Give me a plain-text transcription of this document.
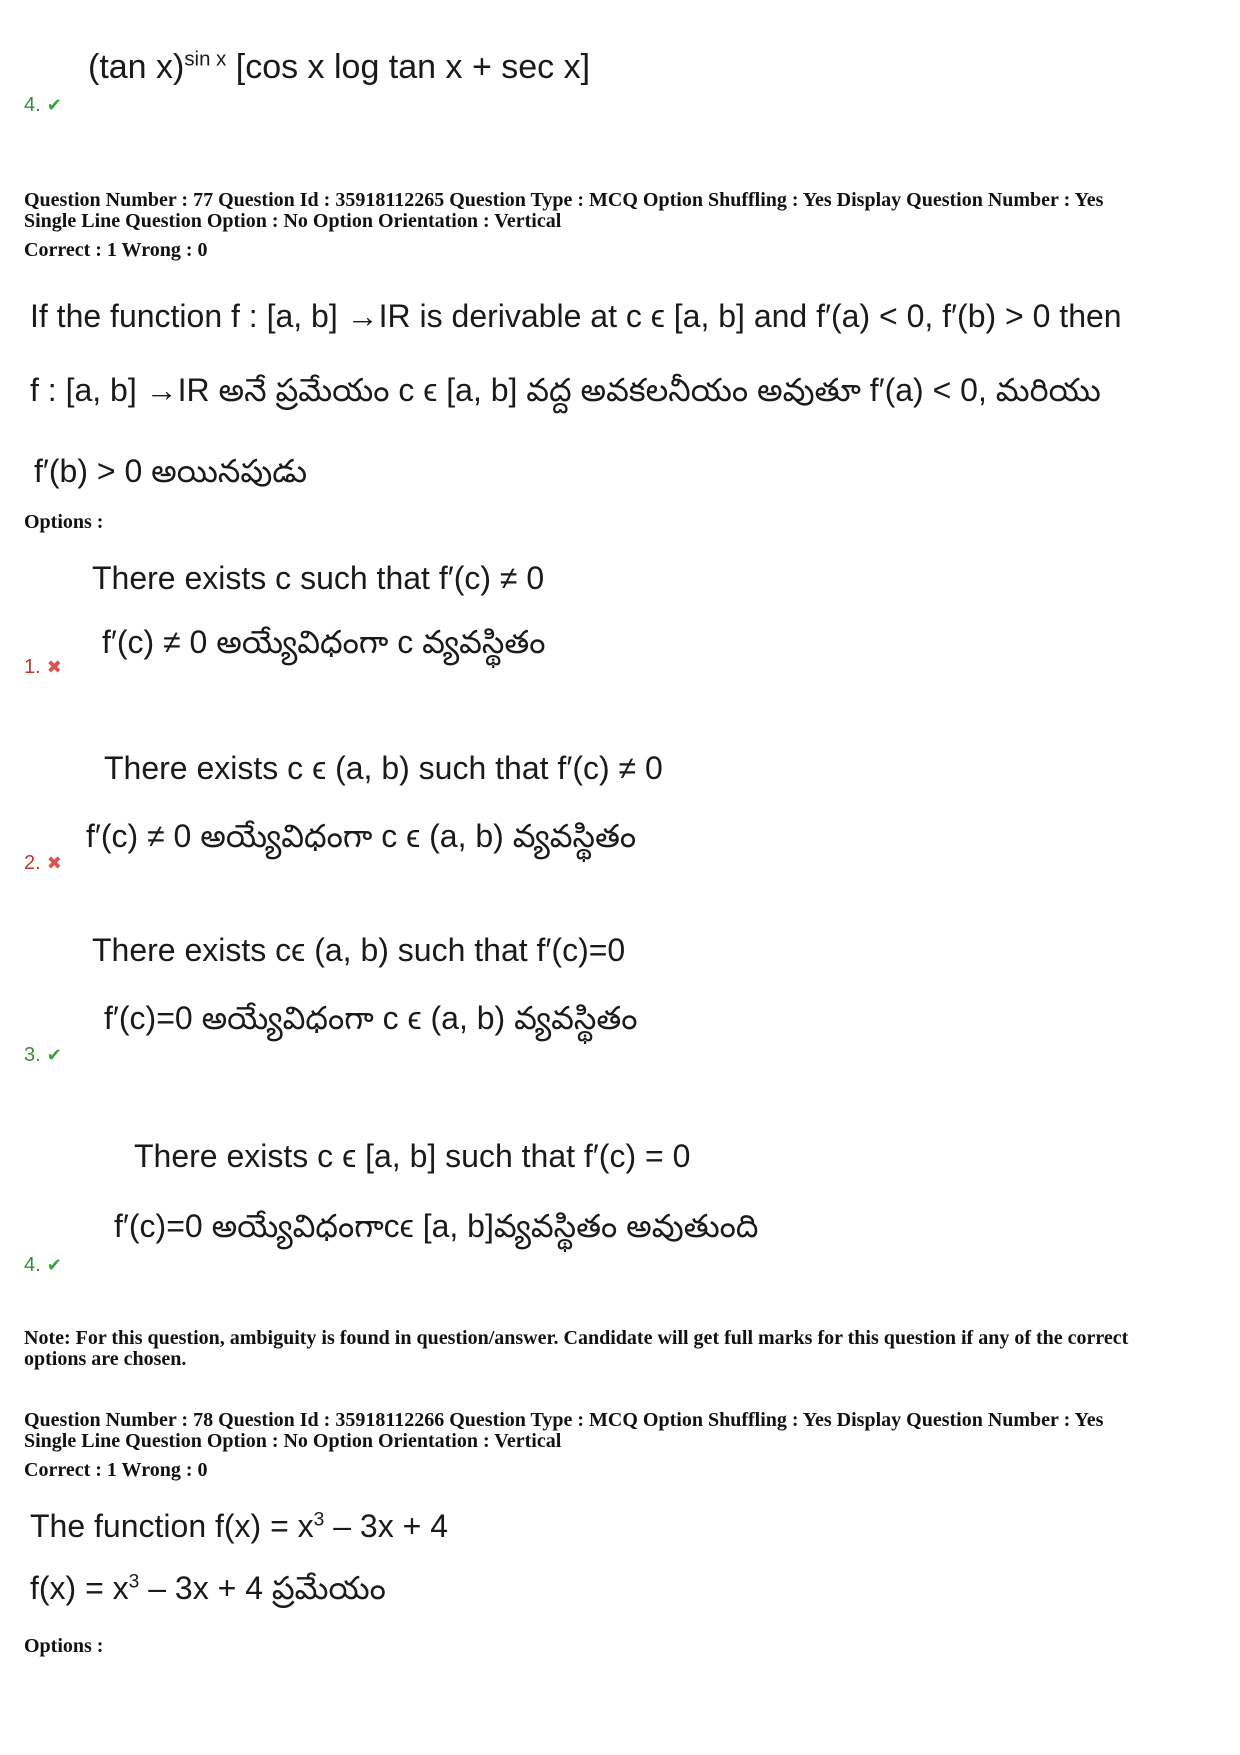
(tan x)$^{sin x}$ [cos x log tan x + sec x]
4. ✔
Question Number : 77 Question Id : 35918112265 Question Type : MCQ Option Shuffling : Yes Display Question Number : Yes
Single Line Question Option : No Option Orientation : Vertical
Correct : 1 Wrong : 0
If the function f : [a, b] →IR is derivable at c ϵ [a, b] and f′(a) < 0, f′(b) > 0 then
f : [a, b] →IR అనే ప్రమేయం c ϵ [a, b] వద్ద అవకలనీయం అవుతూ f′(a) < 0, మరియు
f′(b) > 0 అయినపుడు
Options :
There exists c such that f′(c) ≠ 0
f′(c) ≠ 0 అయ్యేవిధంగా c వ్యవస్థితం
1. ✖
There exists c ϵ (a, b) such that f′(c) ≠ 0
f′(c) ≠ 0 అయ్యేవిధంగా c ϵ (a, b) వ్యవస్థితం
2. ✖
There exists cϵ (a, b) such that f′(c)=0
f′(c)=0 అయ్యేవిధంగా c ϵ (a, b) వ్యవస్థితం
3. ✔
There exists c ϵ [a, b] such that f′(c) = 0
f′(c)=0 అయ్యేవిధంగాcϵ [a, b]వ్యవస్థితం అవుతుంది
4. ✔
Note: For this question, ambiguity is found in question/answer. Candidate will get full marks for this question if any of the correct
options are chosen.
Question Number : 78 Question Id : 35918112266 Question Type : MCQ Option Shuffling : Yes Display Question Number : Yes
Single Line Question Option : No Option Orientation : Vertical
Correct : 1 Wrong : 0
The function $f(x) = x^3 - 3x + 4$
$f(x) = x^3 - 3x + 4$ ప్రమేయం
Options :
